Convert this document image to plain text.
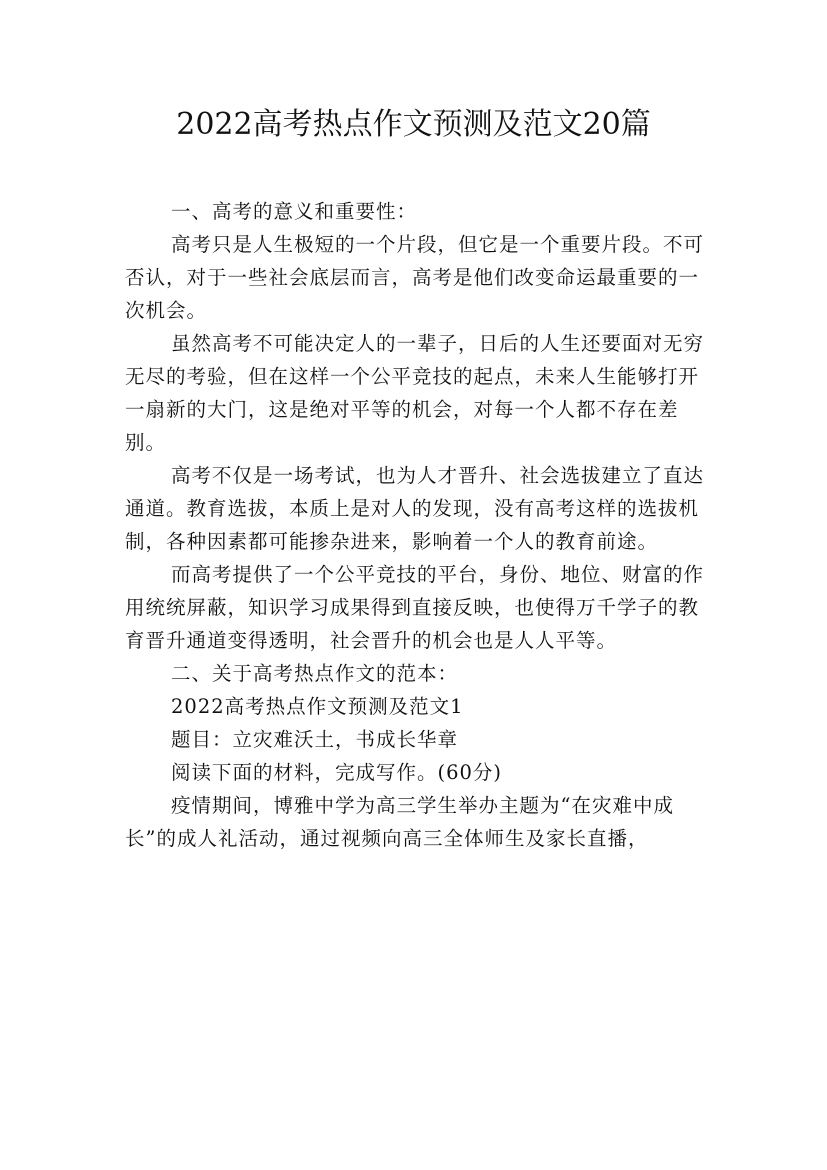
2022高考热点作文预测及范文20篇

一、高考的意义和重要性：

高考只是人生极短的一个片段，但它是一个重要片段。不可否认，对于一些社会底层而言，高考是他们改变命运最重要的一次机会。

虽然高考不可能决定人的一辈子，日后的人生还要面对无穷无尽的考验，但在这样一个公平竞技的起点，未来人生能够打开一扇新的大门，这是绝对平等的机会，对每一个人都不存在差别。

高考不仅是一场考试，也为人才晋升、社会选拔建立了直达通道。教育选拔，本质上是对人的发现，没有高考这样的选拔机制，各种因素都可能掺杂进来，影响着一个人的教育前途。

而高考提供了一个公平竞技的平台，身份、地位、财富的作用统统屏蔽，知识学习成果得到直接反映，也使得万千学子的教育晋升通道变得透明，社会晋升的机会也是人人平等。

二、关于高考热点作文的范本：

2022高考热点作文预测及范文1

题目：立灾难沃土，书成长华章

阅读下面的材料，完成写作。(60分)

疫情期间，博雅中学为高三学生举办主题为“在灾难中成长”的成人礼活动，通过视频向高三全体师生及家长直播，
